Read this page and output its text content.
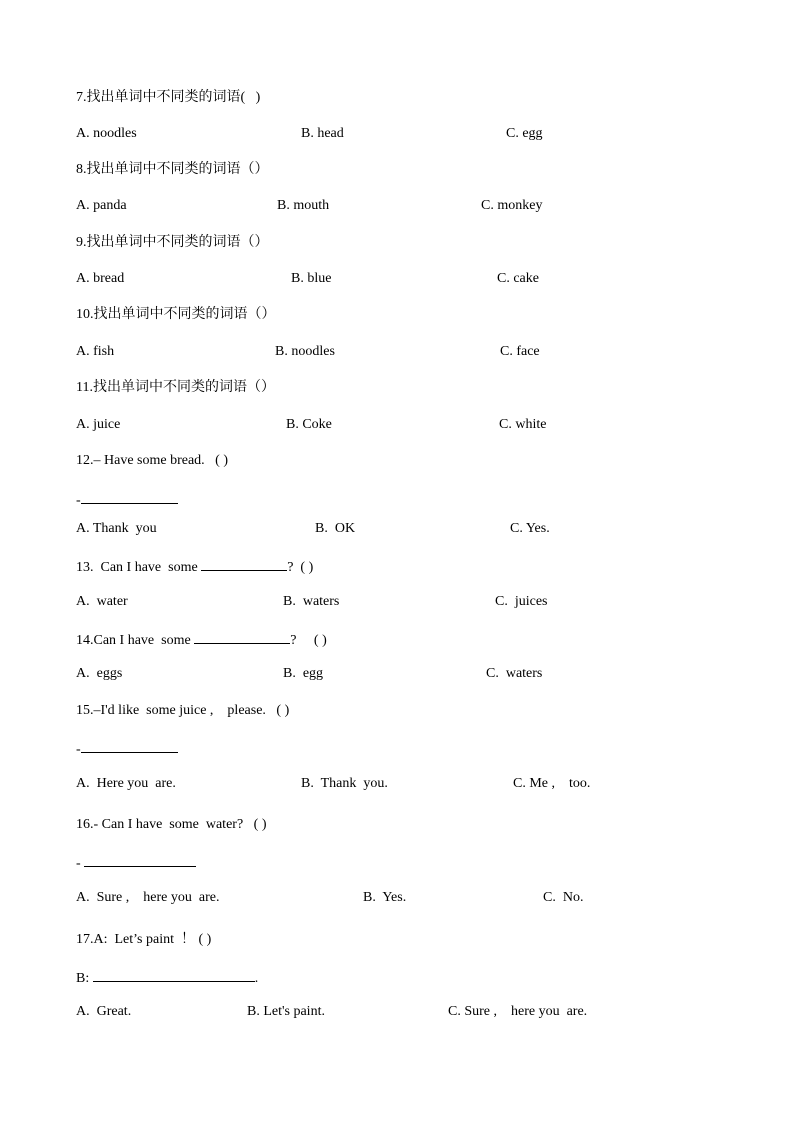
7.找出单词中不同类的词语(   )
A. noodles	B. head	C. egg
8.找出单词中不同类的词语（）
A. panda	B. mouth	C. monkey
9.找出单词中不同类的词语（）
A. bread	B. blue	C. cake
10.找出单词中不同类的词语（）
A. fish	B. noodles	C. face
11.找出单词中不同类的词语（）
A. juice	B. Coke	C. white
12.– Have some bread.   ( )
-
A. Thank  you	B.  OK	C. Yes.
13.  Can I have  some	?  ( )
A.  water	B.  waters	C.  juices
14.Can I have  some	?     ( )
A.  eggs	B.  egg	C.  waters
15.–I'd like  some juice ,    please.   ( )
-
A.  Here you  are.	B.  Thank  you.	C. Me ,    too.
16.- Can I have  some  water?   ( )
-
A.  Sure ,    here you  are.	B.  Yes.	C.  No.
17.A:  Let’s paint  ！ ( )
B:	.
A.  Great.	B. Let's paint.	C. Sure ,    here you  are.
